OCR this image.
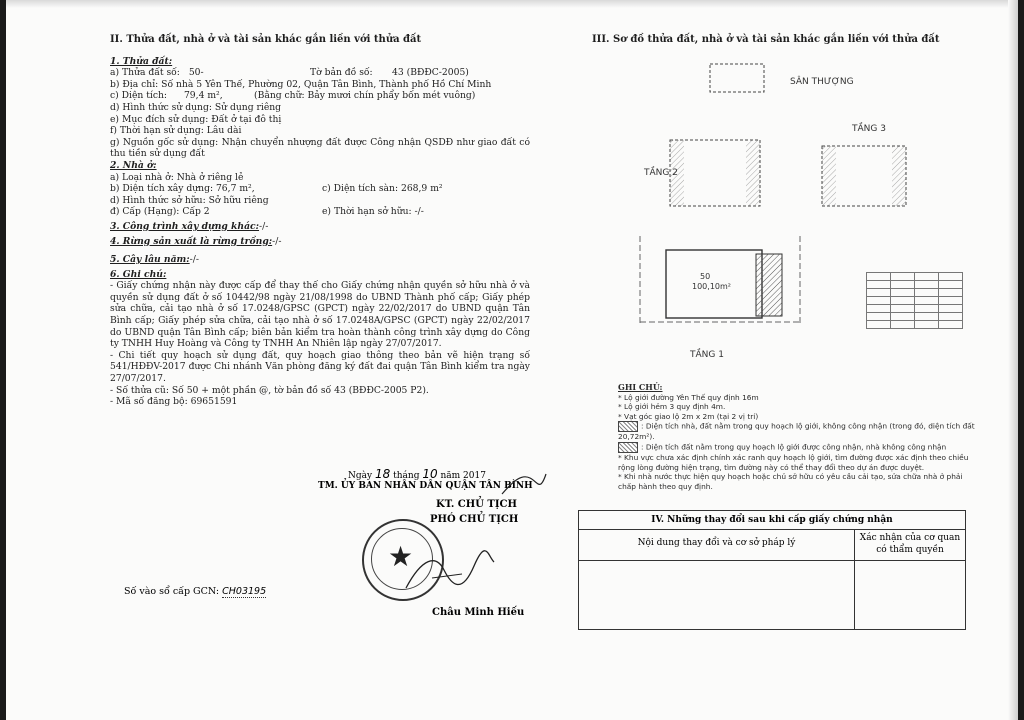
II. Thửa đất, nhà ở và tài sản khác gắn liền với thửa đất
1. Thửa đất:
a) Thửa đất số: 50-	Tờ bản đồ số: 43 (BĐĐC-2005)
b) Địa chỉ: Số nhà 5 Yên Thế, Phường 02, Quận Tân Bình, Thành phố Hồ Chí Minh
c) Diện tích: 79,4 m²,	(Bằng chữ: Bảy mươi chín phẩy bốn mét vuông)
d) Hình thức sử dụng: Sử dụng riêng
e) Mục đích sử dụng: Đất ở tại đô thị
f) Thời hạn sử dụng: Lâu dài
g) Nguồn gốc sử dụng: Nhận chuyển nhượng đất được Công nhận QSDĐ như giao đất có thu tiền sử dụng đất
2. Nhà ở:
a) Loại nhà ở: Nhà ở riêng lẻ
b) Diện tích xây dựng: 76,7 m²,	c) Diện tích sàn: 268,9 m²
d) Hình thức sở hữu: Sở hữu riêng
đ) Cấp (Hạng): Cấp 2	e) Thời hạn sở hữu: -/-
3. Công trình xây dựng khác:-/-
4. Rừng sản xuất là rừng trồng:-/-
5. Cây lâu năm:-/-
6. Ghi chú:
- Giấy chứng nhận này được cấp để thay thế cho Giấy chứng nhận quyền sở hữu nhà ở và quyền sử dụng đất ở số 10442/98 ngày 21/08/1998 do UBND Thành phố cấp; Giấy phép sửa chữa, cải tạo nhà ở số 17.0248/GPSC (GPCT) ngày 22/02/2017 do UBND quận Tân Bình cấp; Giấy phép sửa chữa, cải tạo nhà ở số 17.0248A/GPSC (GPCT) ngày 22/02/2017 do UBND quận Tân Bình cấp; biên bản kiểm tra hoàn thành công trình xây dựng do Công ty TNHH Huy Hoàng và Công ty TNHH An Nhiên lập ngày 27/07/2017.
- Chi tiết quy hoạch sử dụng đất, quy hoạch giao thông theo bản vẽ hiện trạng số 541/HĐĐV-2017 được Chi nhánh Văn phòng đăng ký đất đai quận Tân Bình kiểm tra ngày 27/07/2017.
- Số thửa cũ: Số 50 + một phần @, tờ bản đồ số 43 (BĐĐC-2005 P2).
- Mã số đăng bộ: 69651591
Ngày 18 tháng 10 năm 2017
TM. ỦY BAN NHÂN DÂN QUẬN TÂN BÌNH
KT. CHỦ TỊCH
PHÓ CHỦ TỊCH
★
Châu Minh Hiếu
Số vào sổ cấp GCN: CH03195
III. Sơ đồ thửa đất, nhà ở và tài sản khác gắn liền với thửa đất
SÂN THƯỢNG
TẦNG 3
TẦNG 2
TẦNG 1
50
100,10m²

GHI CHÚ:
* Lộ giới đường Yên Thế quy định 16m
* Lộ giới hẻm 3 quy định 4m.
* Vạt góc giao lộ 2m x 2m (tại 2 vị trí)
: Diện tích nhà, đất nằm trong quy hoạch lộ giới, không công nhận (trong đó, diện tích đất 20,72m²).
: Diện tích đất nằm trong quy hoạch lộ giới được công nhận, nhà không công nhận
* Khu vực chưa xác định chính xác ranh quy hoạch lộ giới, tìm đường được xác định theo chiều rộng lòng đường hiện trạng, tìm đường này có thể thay đổi theo dự án được duyệt.
* Khi nhà nước thực hiện quy hoạch hoặc chủ sở hữu có yêu cầu cải tạo, sửa chữa nhà ở phải chấp hành theo quy định.
IV. Những thay đổi sau khi cấp giấy chứng nhận
Nội dung thay đổi và cơ sở pháp lý	Xác nhận của cơ quan có thẩm quyền
